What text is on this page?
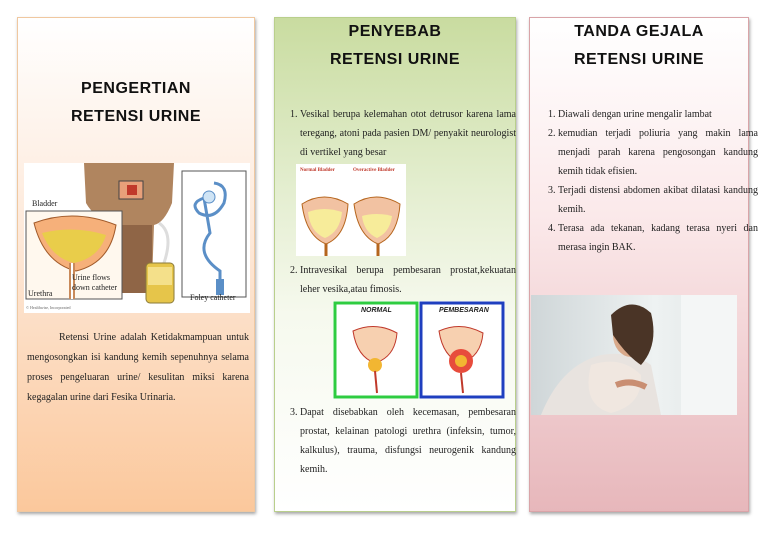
PENGERTIAN
RETENSI URINE
Bladder
Urine flows
down catheter
Urethra	Foley catheter
© Healthwise, Incorporated

Retensi Urine adalah Ketidakmampuan untuk mengosongkan isi kandung kemih sepenuhnya selama proses pengeluaran urine/ kesulitan miksi karena kegagalan urine dari Fesika Urinaria.

PENYEBAB
RETENSI URINE
1. Vesikal berupa kelemahan otot detrusor karena lama teregang, atoni pada pasien DM/ penyakit neurologist di vertikel yang besar
Normal Bladder	Overactive Bladder
2. Intravesikal berupa pembesaran prostat,kekuatan leher vesika,atau fimosis.
NORMAL	PEMBESARAN
3. Dapat disebabkan oleh kecemasan, pembesaran prostat, kelainan patologi urethra (infeksin, tumor, kalkulus), trauma, disfungsi neurogenik kandung kemih.
TANDA GEJALA
RETENSI URINE
1. Diawali dengan urine mengalir lambat
2. kemudian terjadi poliuria yang makin lama menjadi parah karena pengosongan kandung kemih tidak efisien.
3. Terjadi distensi abdomen akibat dilatasi kandung kemih.
4. Terasa ada tekanan, kadang terasa nyeri dan merasa ingin BAK.
